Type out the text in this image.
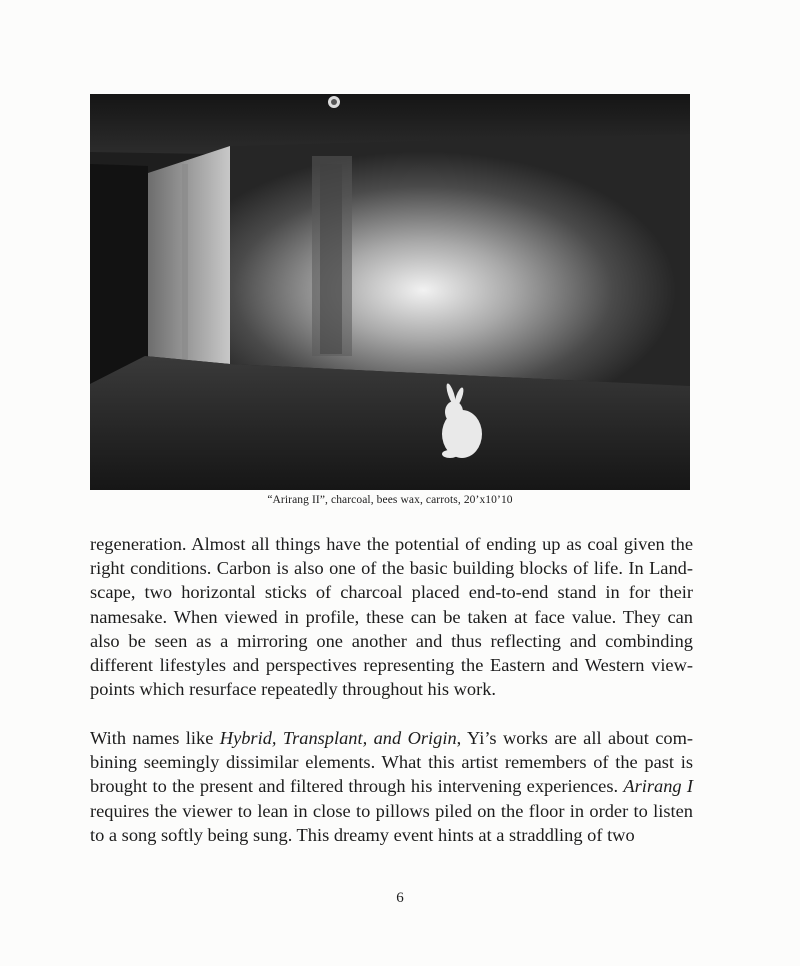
“Arirang II”, charcoal, bees wax, carrots, 20’x10’10

regeneration. Almost all things have the potential of ending up as coal given the right conditions. Carbon is also one of the basic building blocks of life. In Land-scape, two horizontal sticks of charcoal placed end-to-end stand in for their namesake. When viewed in profile, these can be taken at face value. They can also be seen as a mirroring one another and thus reflecting and combinding different lifestyles and perspectives representing the Eastern and Western view-points which resurface repeatedly throughout his work.

With names like Hybrid, Transplant, and Origin, Yi’s works are all about com-bining seemingly dissimilar elements. What this artist remembers of the past is brought to the present and filtered through his intervening experiences. Arirang I requires the viewer to lean in close to pillows piled on the floor in order to listen to a song softly being sung. This dreamy event hints at a straddling of two

6
